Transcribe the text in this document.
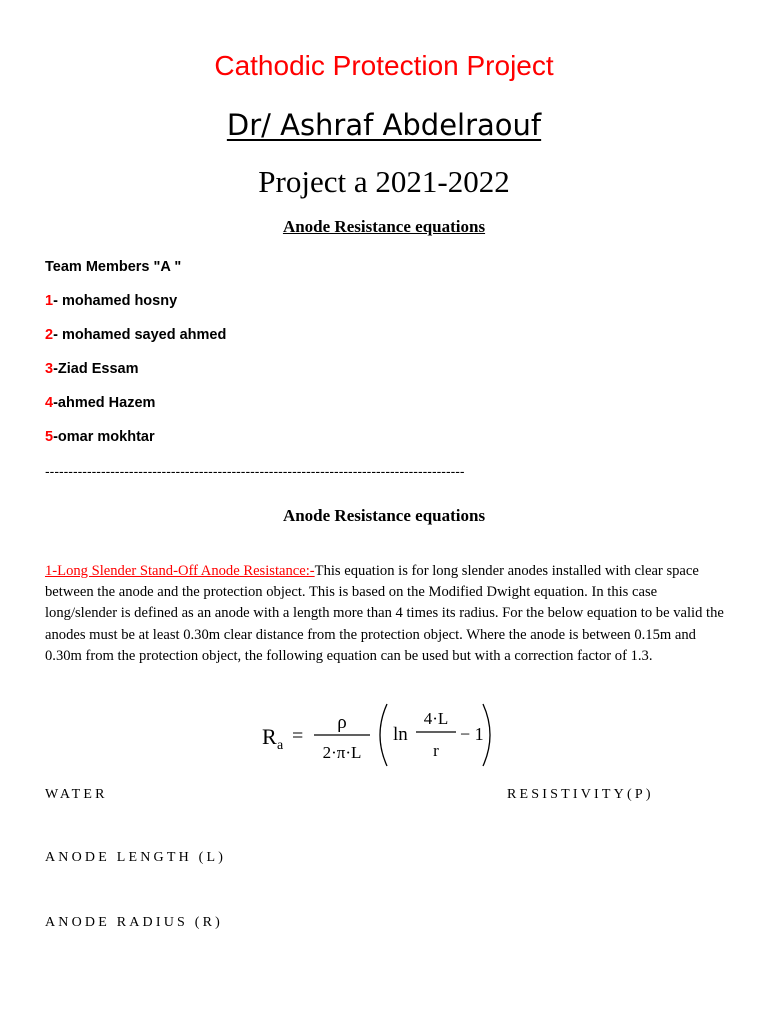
Cathodic Protection Project
Dr/ Ashraf Abdelraouf
Project a 2021-2022
Anode Resistance equations
Team Members "A "
1- mohamed hosny
2- mohamed sayed ahmed
3-Ziad Essam
4-ahmed Hazem
5-omar mokhtar
------------------------------------------------------------------------------------------
Anode Resistance equations
1-Long Slender Stand-Off Anode Resistance:-This equation is for long slender anodes installed with clear space between the anode and the protection object. This is based on the Modified Dwight equation. In this case long/slender is defined as an anode with a length more than 4 times its radius. For the below equation to be valid the anodes must be at least 0.30m clear distance from the protection object. Where the anode is between 0.15m and 0.30m from the protection object, the following equation can be used but with a correction factor of 1.3.
R a =
ρ
2·π·L
ln
4·L
r
− 1
WATER	RESISTIVITY(P)
ANODE LENGTH (L)
ANODE RADIUS (R)
